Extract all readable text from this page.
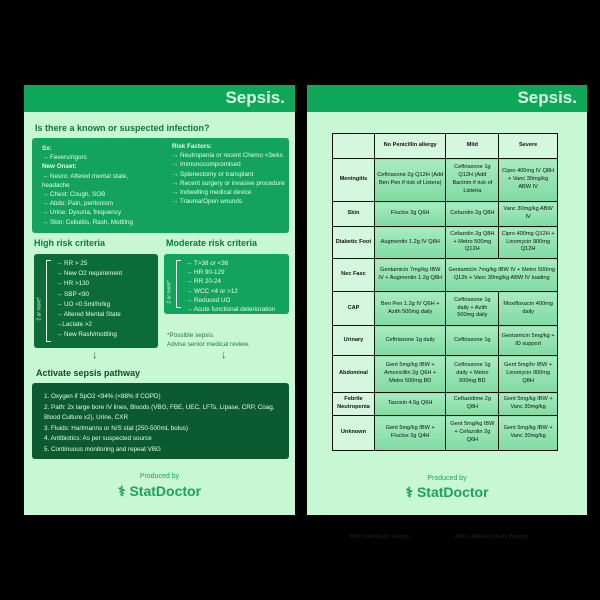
Sepsis.
Is there a known or suspected infection?
Sx:
→ Fevers/rigors
New Onset:
→ Neuro: Altered mental state, headache
→ Chest: Cough, SOB
→ Abdo: Pain, peritonism
→ Urine: Dysuria, frequency
→ Skin: Cellulitis, Rash, Mottling
Risk Factors:
→ Neutropenia or recent Chemo <3wks
→ Immunocompromised
→ Splenectomy or transplant
→ Recent surgery or invasive procedure
→ Indwelling medical device
→ Trauma/Open wounds
High risk criteria	Moderate risk criteria
2 or more*
→ RR > 25
→ New O2 requirement
→ HR >130
→ SBP <90
→ UO <0.5ml/hr/kg
→ Altered Mental State
→Lactate >2
→ New Rash/mottling
2 or more*
→ T>38 or <36
→ HR 90-129
→ RR 20-24
→ WCC <4 or >12
→ Reduced UO
→ Acute functional deterioration
*Possible sepsis.
Advise senior medical review.
↓	↓
Activate sepsis pathway
1. Oxygen if SpO2 <94% (<88% if COPD)
2. Path: 2x large bore IV lines, Bloods (VBG, FBE, UEC, LFTs, Lipase, CRP, Coag, Blood Culture x2), Urine, CXR
3. Fluids: Hartmanns or N/S stat (250-500mL bolus)
4. Antibiotics: As per suspected source
5. Continuous monitoring and repeat VBG
Produced by
⚕ StatDoctor
Sepsis.
	No Penicillin allergy	Mild	Severe
Meningitis	Ceftriaxone 2g Q12H (Add Ben Pen if risk of Listera)	Ceftriaxone 1g Q12H (Add Bactrim if risk of Listeria	Cipro 400mg IV Q8H + Vanc 30mg/kg ABW IV
Skin	Fluclox 2g Q6H	Cefazolin 2g Q8H	Vanc 30mg/kg ABW IV
Diabetic Foot	Augmentin 1.2g IV Q8H	Cefazolin 2g Q8H + Metro 500mg Q12H	Cipro 400mg Q12H + Linomycin 900mg Q12H
Nec Fasc	Gentamicin 7mg/kg IBW IV + Augmentin 1.2g Q8H	Gentamicin 7mg/kg IBW IV + Metro 500mg Q12h + Vanc 30mg/kg ABW IV loading	
CAP	Ben Pen 1.2g IV Q6H + Azith 500mg daily	Ceftriaxone 1g daily + Azith 500mg daily	Moxifloxacin 400mg daily
Urinary	Ceftriaxone 1g daily	Ceftriaxone 1g	Gentamicin 5mg/kg + ID support
Abdominal	Gent 5mg/kg IBW + Amoxicillin 2g Q6H + Metro 500mg BD	Ceftriaxone 1g daily + Metro 500mg BD	Gent 5mg/hr IBW + Linomycin 900mg Q8H
Febrile Neutropenia	Tazosin 4.5g Q6H	Ceftazidime 2g Q8H	Gent 5mg/kg IBW + Vanc 30mg/kg
Unknown	Gent 5mg/kg IBW + Fluclox 2g Q4H	Gent 5mg/kg IBW + Cefazolin 2g Q6H	Gent 5mg/kg IBW + Vanc 30mg/kg
IBW (Ideal Body Weight)	ABW (Adjusted Body Weight)
Produced by
⚕ StatDoctor
